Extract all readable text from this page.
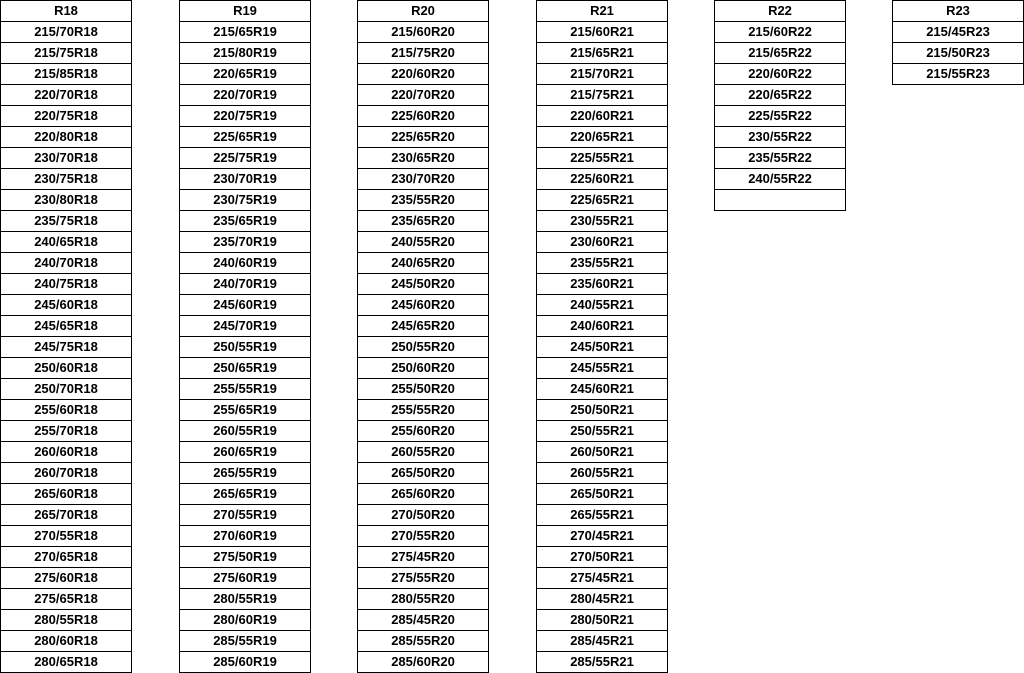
R18
215/70R18
215/75R18
215/85R18
220/70R18
220/75R18
220/80R18
230/70R18
230/75R18
230/80R18
235/75R18
240/65R18
240/70R18
240/75R18
245/60R18
245/65R18
245/75R18
250/60R18
250/70R18
255/60R18
255/70R18
260/60R18
260/70R18
265/60R18
265/70R18
270/55R18
270/65R18
275/60R18
275/65R18
280/55R18
280/60R18
280/65R18
R19
215/65R19
215/80R19
220/65R19
220/70R19
220/75R19
225/65R19
225/75R19
230/70R19
230/75R19
235/65R19
235/70R19
240/60R19
240/70R19
245/60R19
245/70R19
250/55R19
250/65R19
255/55R19
255/65R19
260/55R19
260/65R19
265/55R19
265/65R19
270/55R19
270/60R19
275/50R19
275/60R19
280/55R19
280/60R19
285/55R19
285/60R19
R20
215/60R20
215/75R20
220/60R20
220/70R20
225/60R20
225/65R20
230/65R20
230/70R20
235/55R20
235/65R20
240/55R20
240/65R20
245/50R20
245/60R20
245/65R20
250/55R20
250/60R20
255/50R20
255/55R20
255/60R20
260/55R20
265/50R20
265/60R20
270/50R20
270/55R20
275/45R20
275/55R20
280/55R20
285/45R20
285/55R20
285/60R20
R21
215/60R21
215/65R21
215/70R21
215/75R21
220/60R21
220/65R21
225/55R21
225/60R21
225/65R21
230/55R21
230/60R21
235/55R21
235/60R21
240/55R21
240/60R21
245/50R21
245/55R21
245/60R21
250/50R21
250/55R21
260/50R21
260/55R21
265/50R21
265/55R21
270/45R21
270/50R21
275/45R21
280/45R21
280/50R21
285/45R21
285/55R21
R22
215/60R22
215/65R22
220/60R22
220/65R22
225/55R22
230/55R22
235/55R22
240/55R22

R23
215/45R23
215/50R23
215/55R23
